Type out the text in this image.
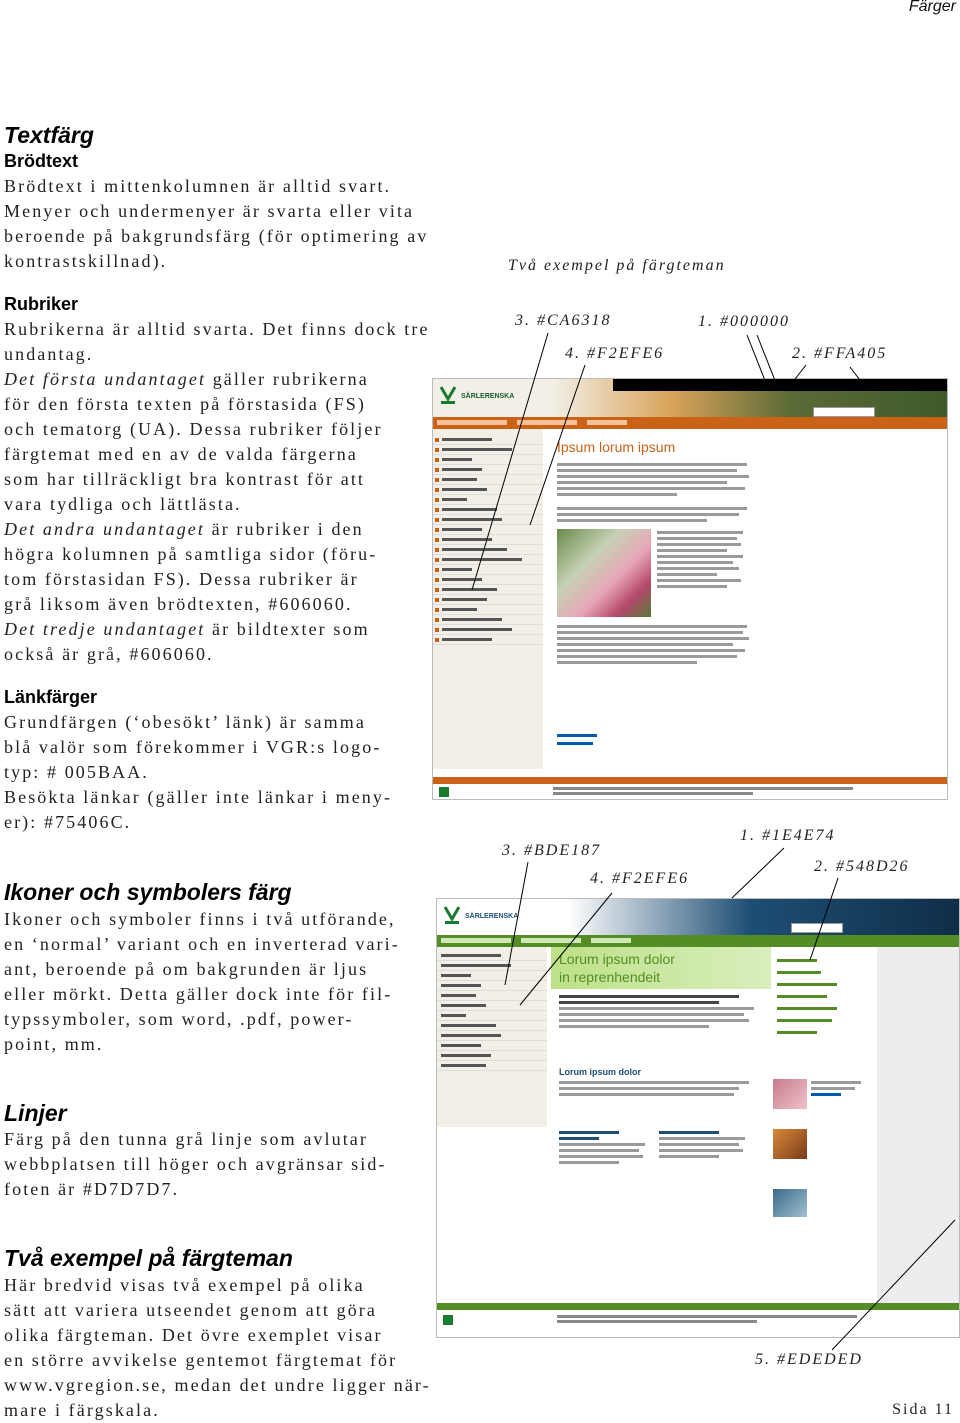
Färger
Textfärg
Brödtext
Brödtext i mittenkolumnen är alltid svart.
Menyer och undermenyer är svarta eller vita
beroende på bakgrundsfärg (för optimering av
kontrastskillnad).
Rubriker
Rubrikerna är alltid svarta. Det finns dock tre
undantag.
Det första undantaget gäller rubrikerna
för den första texten på förstasida (FS)
och tematorg (UA). Dessa rubriker följer
färgtemat med en av de valda färgerna
som har tillräckligt bra kontrast för att
vara tydliga och lättlästa.
Det andra undantaget är rubriker i den
högra kolumnen på samtliga sidor (föru-
tom förstasidan FS). Dessa rubriker är
grå liksom även brödtexten, #606060.
Det tredje undantaget är bildtexter som
också är grå, #606060.
Länkfärger
Grundfärgen (‘obesökt’ länk) är samma
blå valör som förekommer i VGR:s logo-
typ: # 005BAA.
Besökta länkar (gäller inte länkar i meny-
er): #75406C.
Ikoner och symbolers färg
Ikoner och symboler finns i två utförande,
en ‘normal’ variant och en inverterad vari-
ant, beroende på om bakgrunden är ljus
eller mörkt. Detta gäller dock inte för fil-
typssymboler, som word, .pdf, power-
point, mm.
Linjer
Färg på den tunna grå linje som avlutar
webbplatsen till höger och avgränsar sid-
foten är #D7D7D7.
Två exempel på färgteman
Här bredvid visas två exempel på olika
sätt att variera utseendet genom att göra
olika färgteman. Det övre exemplet visar
en större avvikelse gentemot färgtemat för
www.vgregion.se, medan det undre ligger när-
mare i färgskala.
Två exempel på färgteman
3. #CA6318	1. #000000
4. #F2EFE6	2. #FFA405
SÄRLERENSKA
Ipsum lorum ipsum
1. #1E4E74
3. #BDE187
2. #548D26
4. #F2EFE6
5. #EDEDED
SÄRLERENSKA
Lorum ipsum dolor
in reprenhendeit
Lorum ipsum dolor
Sida 11
